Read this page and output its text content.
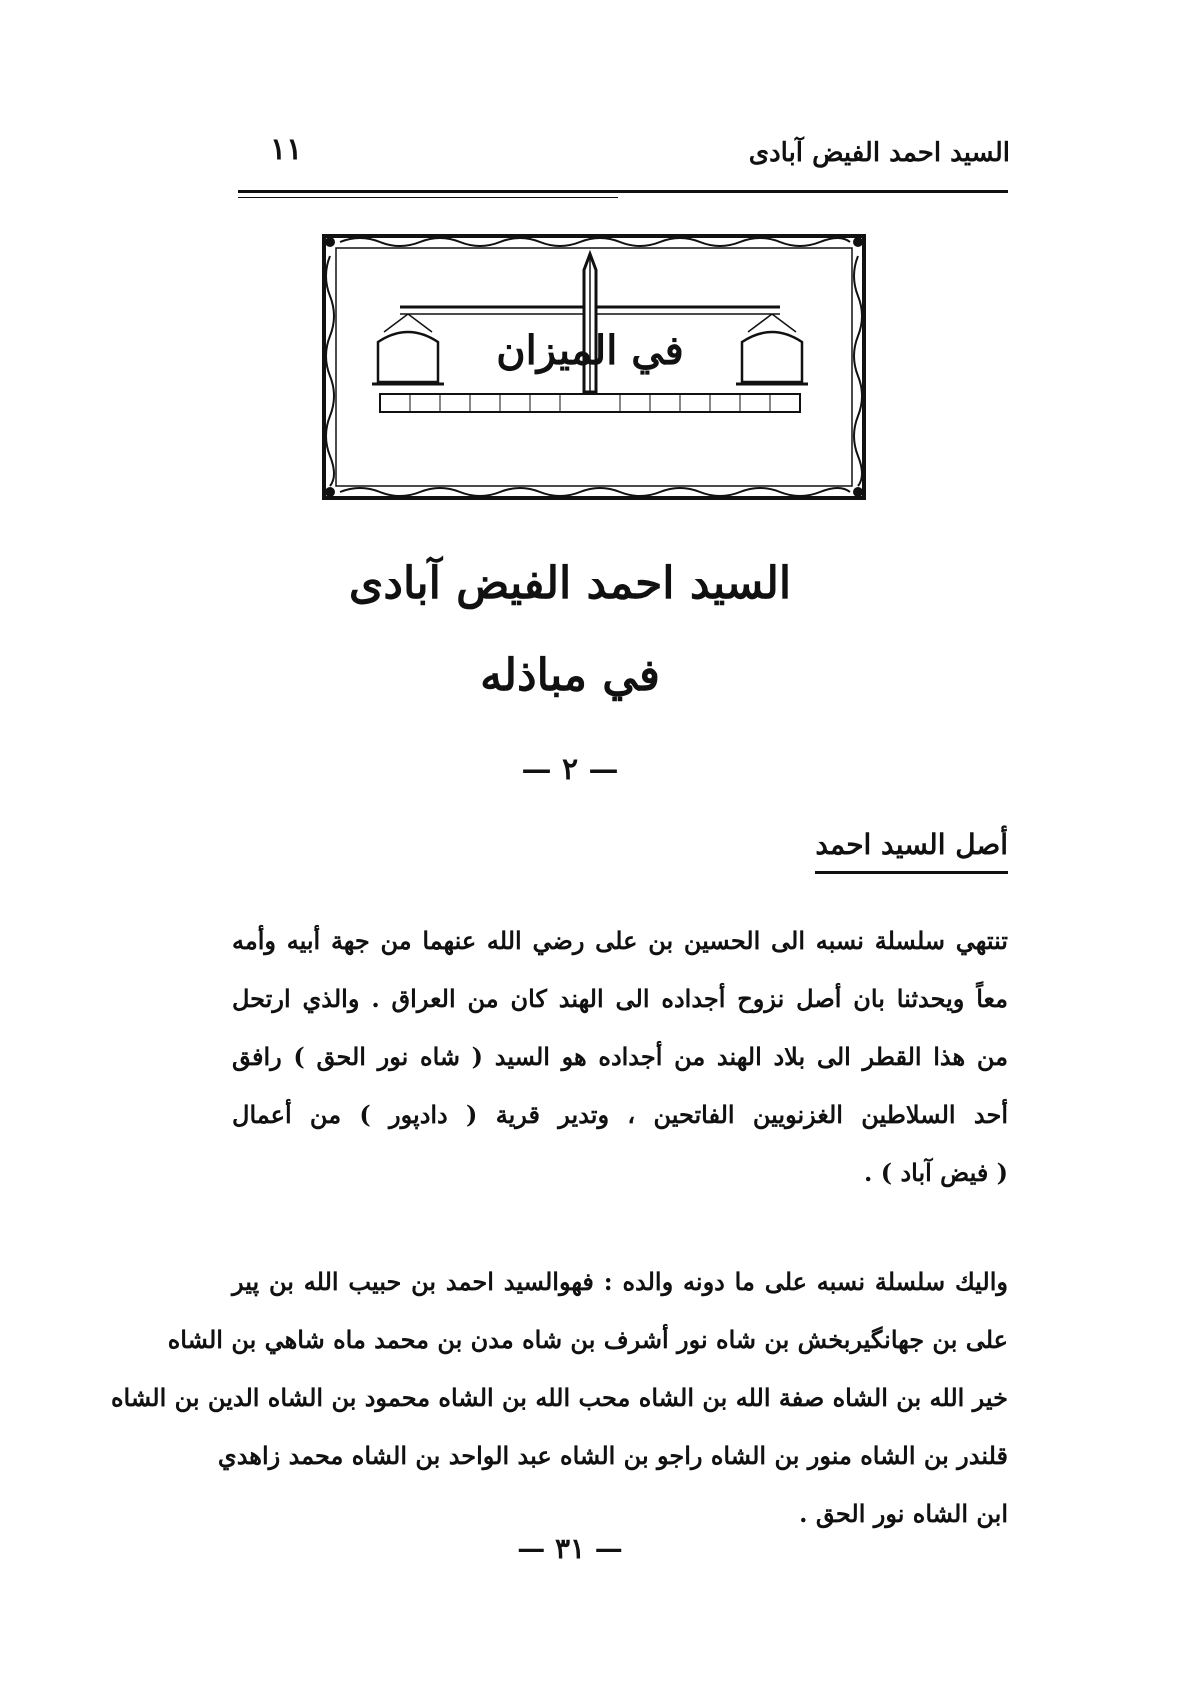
١١	السيد احمد الفيض آبادى
في الميزان
السيد احمد الفيض آبادى
في مباذله
— ٢ —
أصل السيد احمد
تنتهي سلسلة نسبه الى الحسين بن على رضي الله عنهما من جهة أبيه وأمه
معاً ويحدثنا بان أصل نزوح أجداده الى الهند كان من العراق . والذي ارتحل
من هذا القطر الى بلاد الهند من أجداده هو السيد ( شاه نور الحق ) رافق
أحد السلاطين الغزنويين الفاتحين ، وتدير قرية ( دادپور ) من أعمال
( فيض آباد ) .
واليك سلسلة نسبه على ما دونه والده : فهوالسيد احمد بن حبيب الله بن پير
على بن جهانگيربخش بن شاه نور أشرف بن شاه مدن بن محمد ماه شاهي بن الشاه
خير الله بن الشاه صفة الله بن الشاه محب الله بن الشاه محمود بن الشاه الدين بن الشاه
قلندر بن الشاه منور بن الشاه راجو بن الشاه عبد الواحد بن الشاه محمد زاهدي
ابن الشاه نور الحق .
— ٣١ —
